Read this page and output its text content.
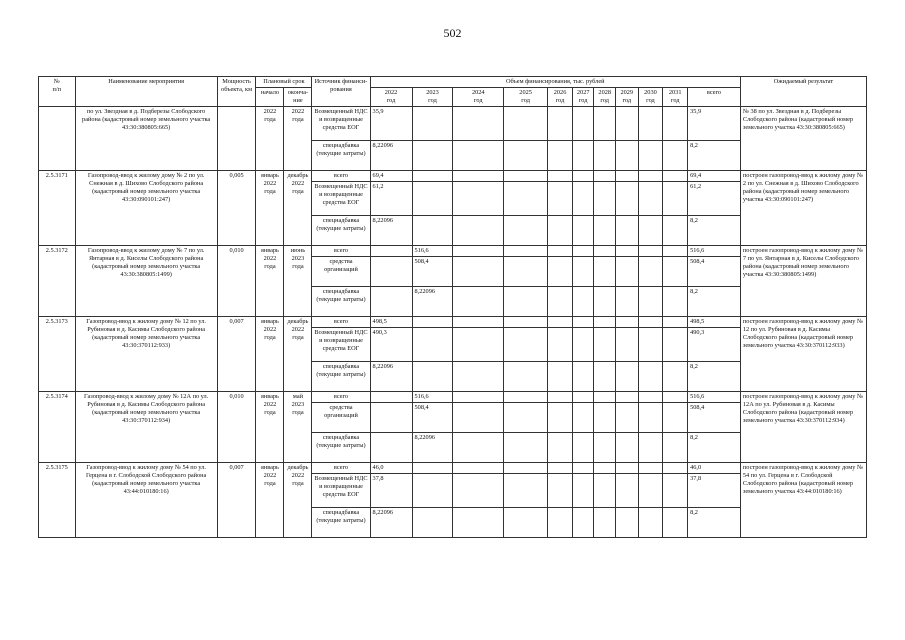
502
№
п/п	Наименование мероприятия	Мощность объекта, км	Плановый срок		Источник финанси-
рования	Объем финансирования, тыс. рублей											Ожидаемый результат
			начало	оконча-
ние		2022
год	2023
год	2024
год	2025
год	2026
год	2027
год	2028
год	2029
год	2030
год	2031
год	всего	
	по ул. Звездная в д. Подберезы Слободского района (кадастровый номер земельного участка 43:30:380805:665)		2022
года	2022
года	Возмещенный НДС и возвращенные средства ЕОГ	35,9										35,9	№ 38 по ул. Звездная в д. Подберезы Слободского района (кадастровый номер земельного участка 43:30:380805:665)
					спецнадбавка (текущие затраты)	8,22096										8,2	
2.5.3171	Газопровод-ввод к жилому дому № 2 по ул. Снежная в д. Шихово Слободского района (кадастровый номер земельного участка 43:30:090101:247)	0,005	январь
2022
года	декабрь
2022
года	всего	69,4										69,4	построен газопровод-ввод к жилому дому № 2 по ул. Снежная в д. Шихово Слободского района (кадастровый номер земельного участка 43:30:090101:247)
					Возмещенный НДС и возвращенные средства ЕОГ	61,2										61,2	
					спецнадбавка (текущие затраты)	8,22096										8,2	
2.5.3172	Газопровод-ввод к жилому дому № 7 по ул. Янтарная в д. Киселы Слободского района (кадастровый номер земельного участка 43:30:380805:1499)	0,010	январь
2022
года	июнь
2023
года	всего		516,6									516,6	построен газопровод-ввод к жилому дому № 7 по ул. Янтарная в д. Киселы Слободского района (кадастровый номер земельного участка 43:30:380805:1499)
					средства организаций		508,4									508,4	
					спецнадбавка (текущие затраты)		8,22096									8,2	
2.5.3173	Газопровод-ввод к жилому дому № 12 по ул. Рубиновая в д. Касимы Слободского района (кадастровый номер земельного участка 43:30:370112:933)	0,007	январь
2022
года	декабрь
2022
года	всего	498,5										498,5	построен газопровод-ввод к жилому дому № 12 по ул. Рубиновая в д. Касимы Слободского района (кадастровый номер земельного участка 43:30:370112:933)
					Возмещенный НДС и возвращенные средства ЕОГ	490,3										490,3	
					спецнадбавка (текущие затраты)	8,22096										8,2	
2.5.3174	Газопровод-ввод к жилому дому № 12А по ул. Рубиновая в д. Касимы Слободского района (кадастровый номер земельного участка 43:30:370112:934)	0,010	январь
2022
года	май
2023
года	всего		516,6									516,6	построен газопровод-ввод к жилому дому № 12А по ул. Рубиновая в д. Касимы Слободского района (кадастровый номер земельного участка 43:30:370112:934)
					средства организаций		508,4									508,4	
					спецнадбавка (текущие затраты)		8,22096									8,2	
2.5.3175	Газопровод-ввод к жилому дому № 54 по ул. Герцена в г. Слободской Слободского района (кадастровый номер земельного участка 43:44:010180:16)	0,007	январь
2022
года	декабрь
2022
года	всего	46,0										46,0	построен газопровод-ввод к жилому дому № 54 по ул. Герцена в г. Слободской Слободского района (кадастровый номер земельного участка 43:44:010180:16)
					Возмещенный НДС и возвращенные средства ЕОГ	37,8										37,8	
					спецнадбавка (текущие затраты)	8,22096										8,2	
